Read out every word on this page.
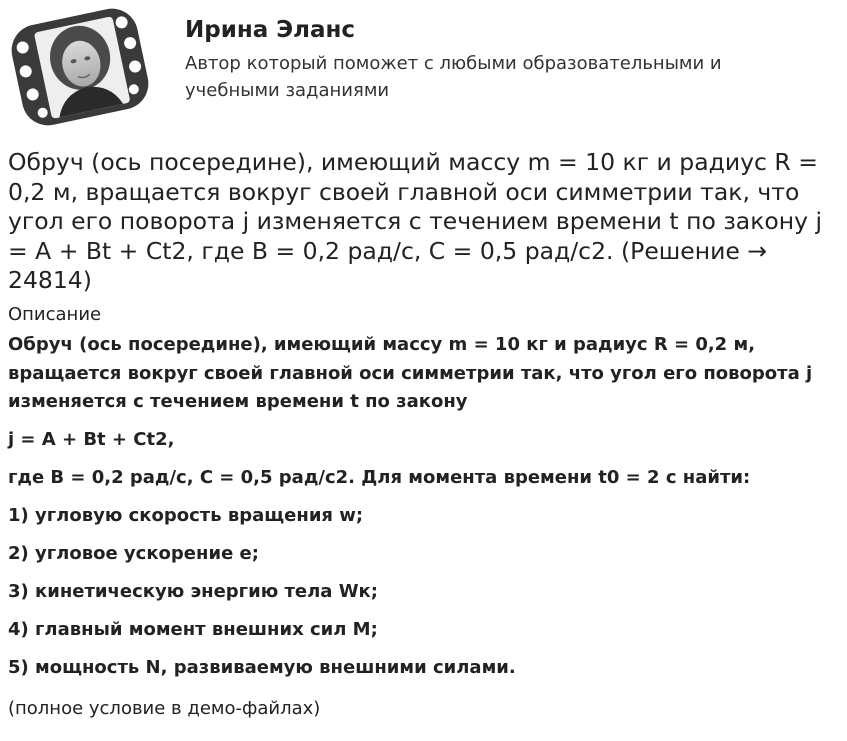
Ирина Эланс
Автор который поможет с любыми образовательными и учебными заданиями
Обруч (ось посередине), имеющий массу m = 10 кг и радиус R = 0,2 м, вращается вокруг своей главной оси симметрии так, что угол его поворота j изменяется с течением времени t по закону j = A + Bt + Ct2, где В = 0,2 рад/с, С = 0,5 рад/с2. (Решение → 24814)
Описание

Обруч (ось посередине), имеющий массу m = 10 кг и радиус R = 0,2 м, вращается вокруг своей главной оси симметрии так, что угол его поворота j изменяется с течением времени t по закону

j = A + Bt + Ct2,

где В = 0,2 рад/с, С = 0,5 рад/с2. Для момента времени t0 = 2 с найти:

1) угловую скорость вращения w;

2) угловое ускорение e;

3) кинетическую энергию тела Wк;

4) главный момент внешних сил M;

5) мощность N, развиваемую внешними силами.

(полное условие в демо-файлах)
